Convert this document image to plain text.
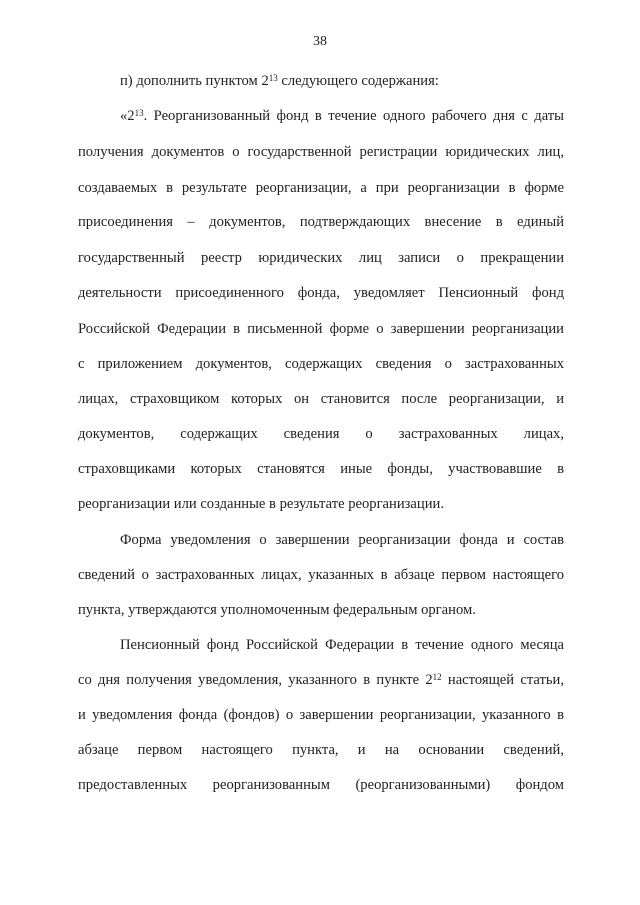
38
п) дополнить пунктом $2^{13}$ следующего содержания:
«$2^{13}$. Реорганизованный фонд в течение одного рабочего дня с даты
получения документов о государственной регистрации юридических лиц,
создаваемых в результате реорганизации, а при реорганизации в форме
присоединения – документов, подтверждающих внесение в единый
государственный реестр юридических лиц записи о прекращении
деятельности присоединенного фонда, уведомляет Пенсионный фонд
Российской Федерации в письменной форме о завершении реорганизации
с приложением документов, содержащих сведения о застрахованных
лицах, страховщиком которых он становится после реорганизации, и
документов, содержащих сведения о застрахованных лицах,
страховщиками которых становятся иные фонды, участвовавшие в
реорганизации или созданные в результате реорганизации.
Форма уведомления о завершении реорганизации фонда и состав
сведений о застрахованных лицах, указанных в абзаце первом настоящего
пункта, утверждаются уполномоченным федеральным органом.
Пенсионный фонд Российской Федерации в течение одного месяца
со дня получения уведомления, указанного в пункте $2^{12}$ настоящей статьи,
и уведомления фонда (фондов) о завершении реорганизации, указанного в
абзаце первом настоящего пункта, и на основании сведений,
предоставленных реорганизованным (реорганизованными) фондом
